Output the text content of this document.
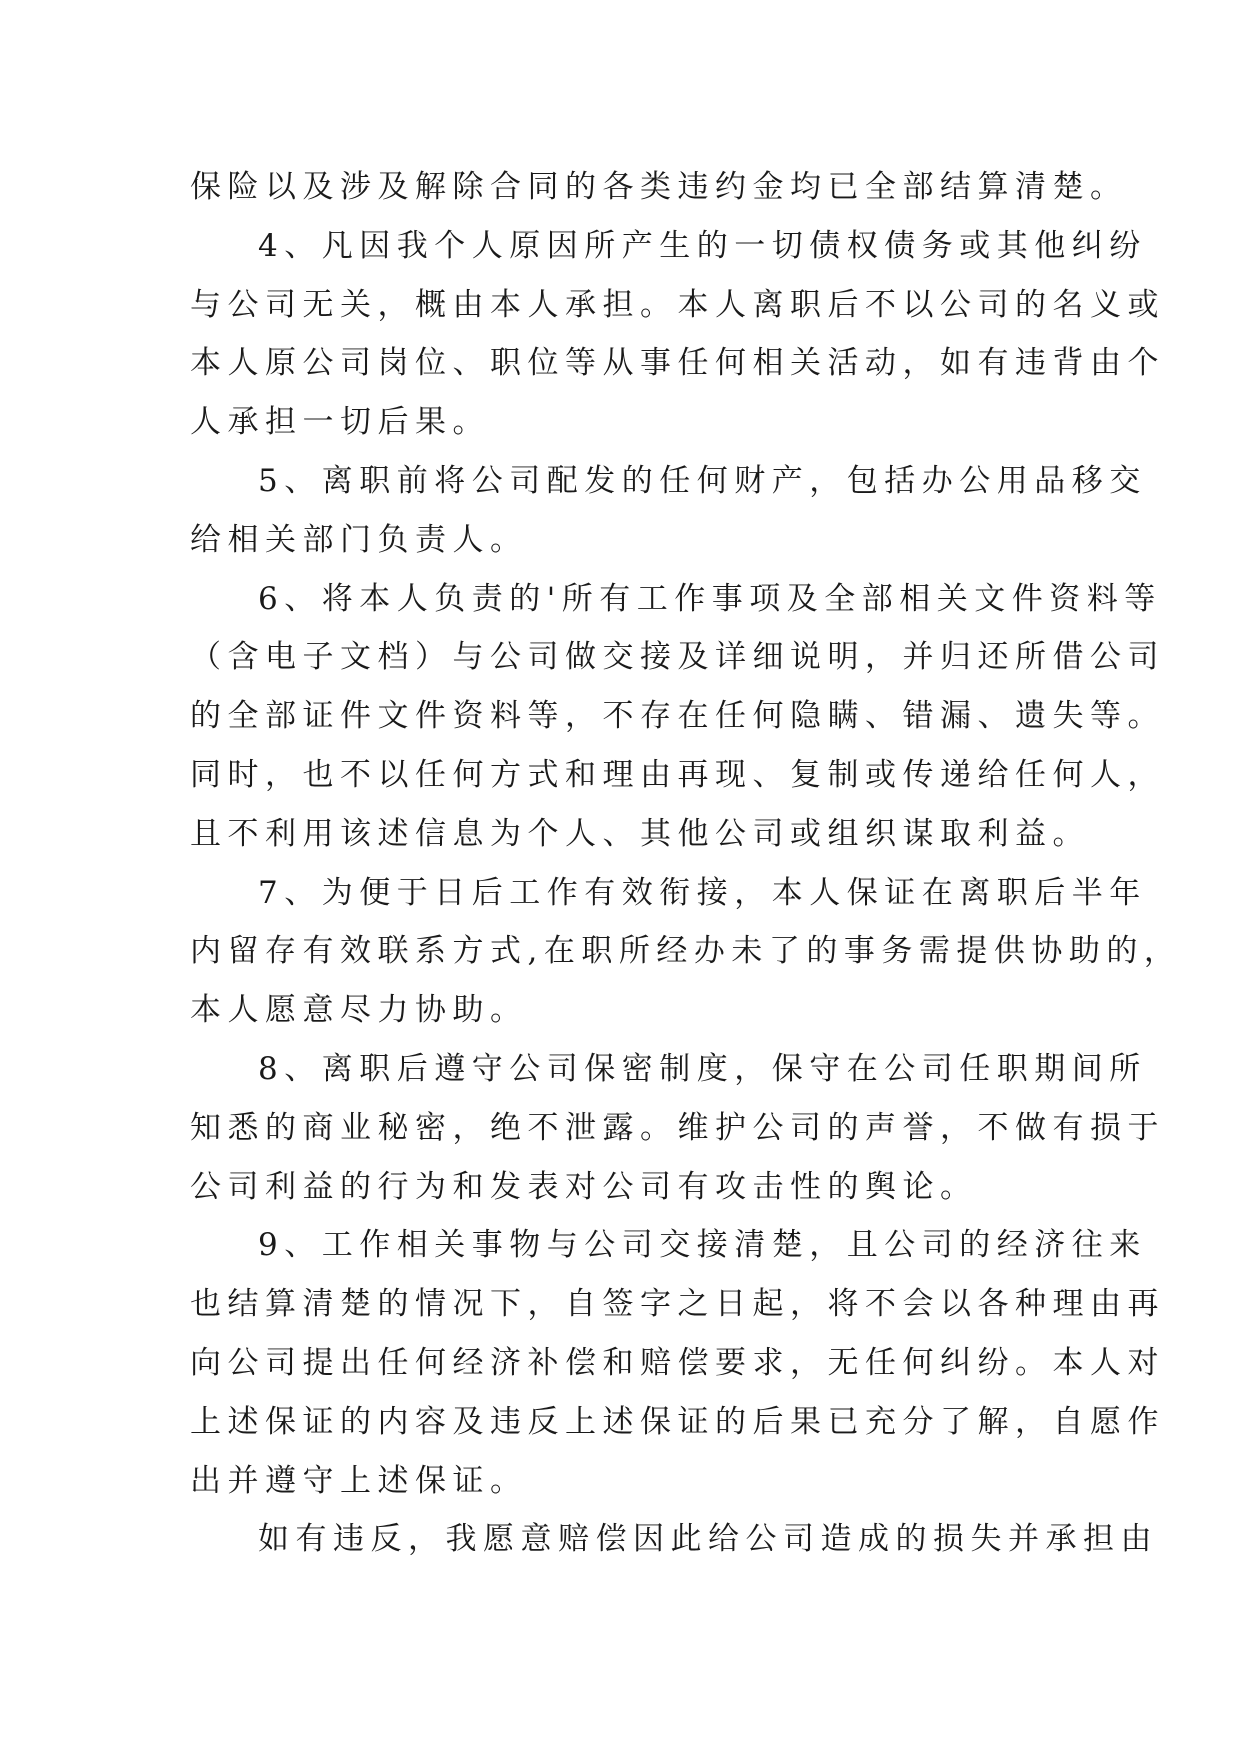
保险以及涉及解除合同的各类违约金均已全部结算清楚。
4、凡因我个人原因所产生的一切债权债务或其他纠纷
与公司无关，概由本人承担。本人离职后不以公司的名义或
本人原公司岗位、职位等从事任何相关活动，如有违背由个
人承担一切后果。
5、离职前将公司配发的任何财产，包括办公用品移交
给相关部门负责人。
6、将本人负责的'所有工作事项及全部相关文件资料等
（含电子文档）与公司做交接及详细说明，并归还所借公司
的全部证件文件资料等，不存在任何隐瞒、错漏、遗失等。
同时，也不以任何方式和理由再现、复制或传递给任何人，
且不利用该述信息为个人、其他公司或组织谋取利益。
7、为便于日后工作有效衔接，本人保证在离职后半年
内留存有效联系方式,在职所经办未了的事务需提供协助的，
本人愿意尽力协助。
8、离职后遵守公司保密制度，保守在公司任职期间所
知悉的商业秘密，绝不泄露。维护公司的声誉，不做有损于
公司利益的行为和发表对公司有攻击性的舆论。
9、工作相关事物与公司交接清楚，且公司的经济往来
也结算清楚的情况下，自签字之日起，将不会以各种理由再
向公司提出任何经济补偿和赔偿要求，无任何纠纷。本人对
上述保证的内容及违反上述保证的后果已充分了解，自愿作
出并遵守上述保证。
如有违反，我愿意赔偿因此给公司造成的损失并承担由
